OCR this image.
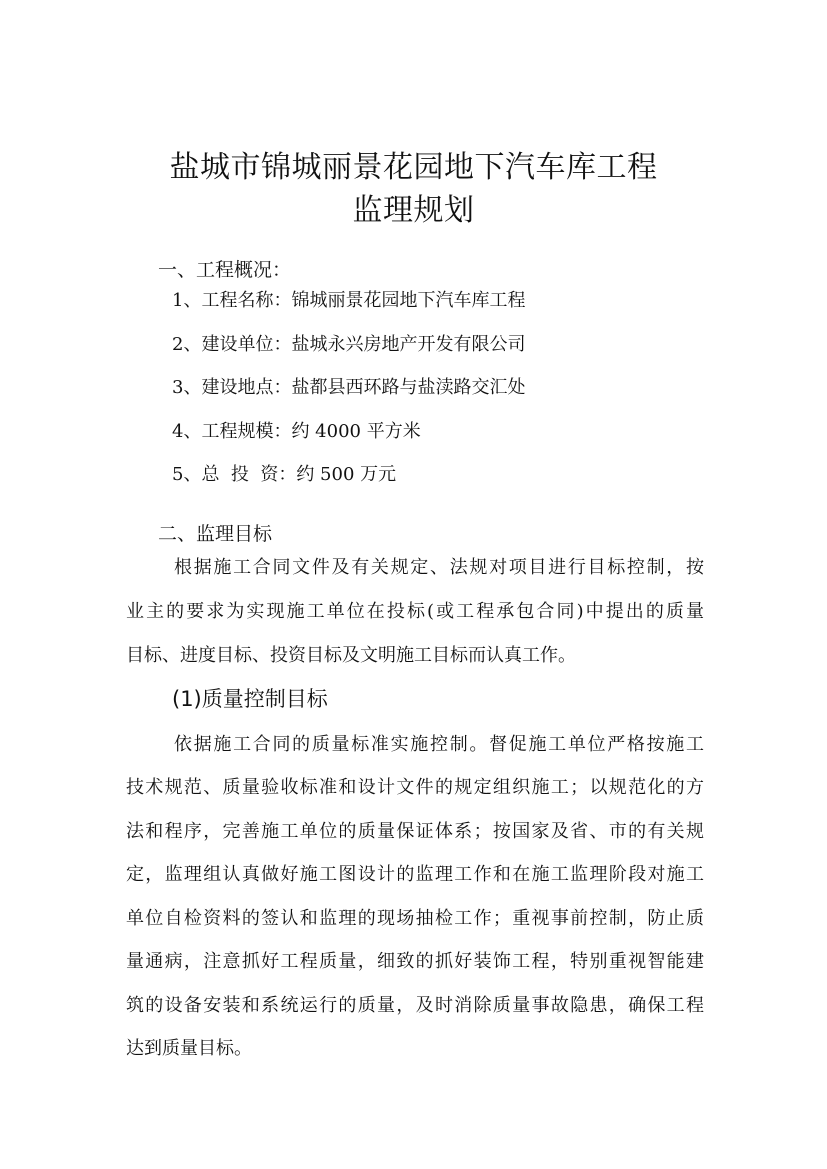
盐城市锦城丽景花园地下汽车库工程
监理规划
一、工程概况：
1、工程名称：锦城丽景花园地下汽车库工程
2、建设单位：盐城永兴房地产开发有限公司
3、建设地点：盐都县西环路与盐渎路交汇处
4、工程规模：约 4000 平方米
5、总  投  资：约 500 万元
二、监理目标
根据施工合同文件及有关规定、法规对项目进行目标控制，按
业主的要求为实现施工单位在投标(或工程承包合同)中提出的质量
目标、进度目标、投资目标及文明施工目标而认真工作。
(1)质量控制目标
依据施工合同的质量标准实施控制。督促施工单位严格按施工
技术规范、质量验收标准和设计文件的规定组织施工；以规范化的方
法和程序，完善施工单位的质量保证体系；按国家及省、市的有关规
定，监理组认真做好施工图设计的监理工作和在施工监理阶段对施工
单位自检资料的签认和监理的现场抽检工作；重视事前控制，防止质
量通病，注意抓好工程质量，细致的抓好装饰工程，特别重视智能建
筑的设备安装和系统运行的质量，及时消除质量事故隐患，确保工程
达到质量目标。
